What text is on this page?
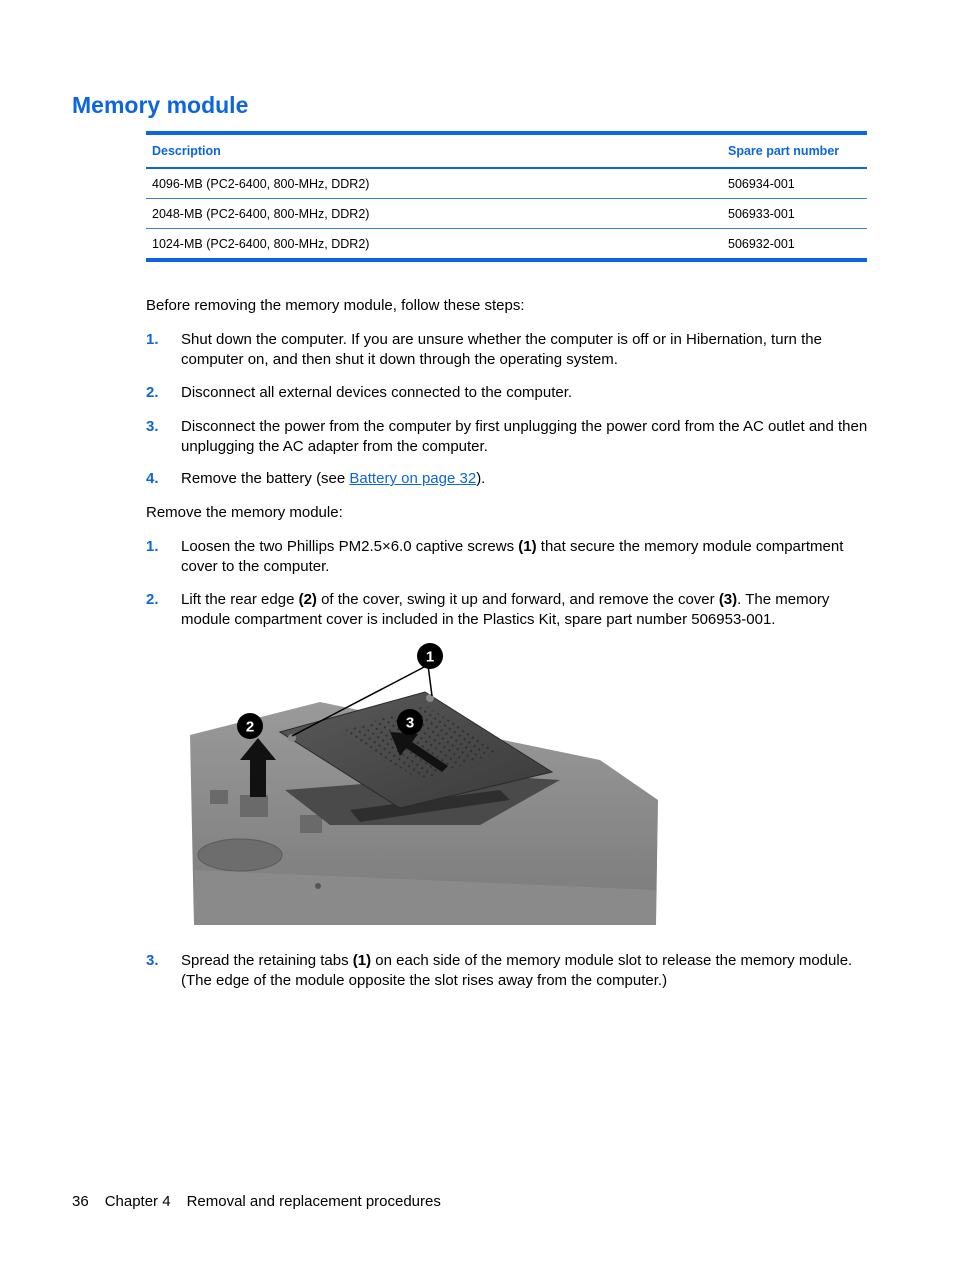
Memory module
Description	Spare part number
4096-MB (PC2-6400, 800-MHz, DDR2)	506934-001
2048-MB (PC2-6400, 800-MHz, DDR2)	506933-001
1024-MB (PC2-6400, 800-MHz, DDR2)	506932-001

Before removing the memory module, follow these steps:

1. Shut down the computer. If you are unsure whether the computer is off or in Hibernation, turn the computer on, and then shut it down through the operating system.
2. Disconnect all external devices connected to the computer.
3. Disconnect the power from the computer by first unplugging the power cord from the AC outlet and then unplugging the AC adapter from the computer.
4. Remove the battery (see Battery on page 32).

Remove the memory module:

1. Loosen the two Phillips PM2.5×6.0 captive screws (1) that secure the memory module compartment cover to the computer.
2. Lift the rear edge (2) of the cover, swing it up and forward, and remove the cover (3). The memory module compartment cover is included in the Plastics Kit, spare part number 506953-001.
1
2	3
3. Spread the retaining tabs (1) on each side of the memory module slot to release the memory module. (The edge of the module opposite the slot rises away from the computer.)
36 Chapter 4 Removal and replacement procedures
